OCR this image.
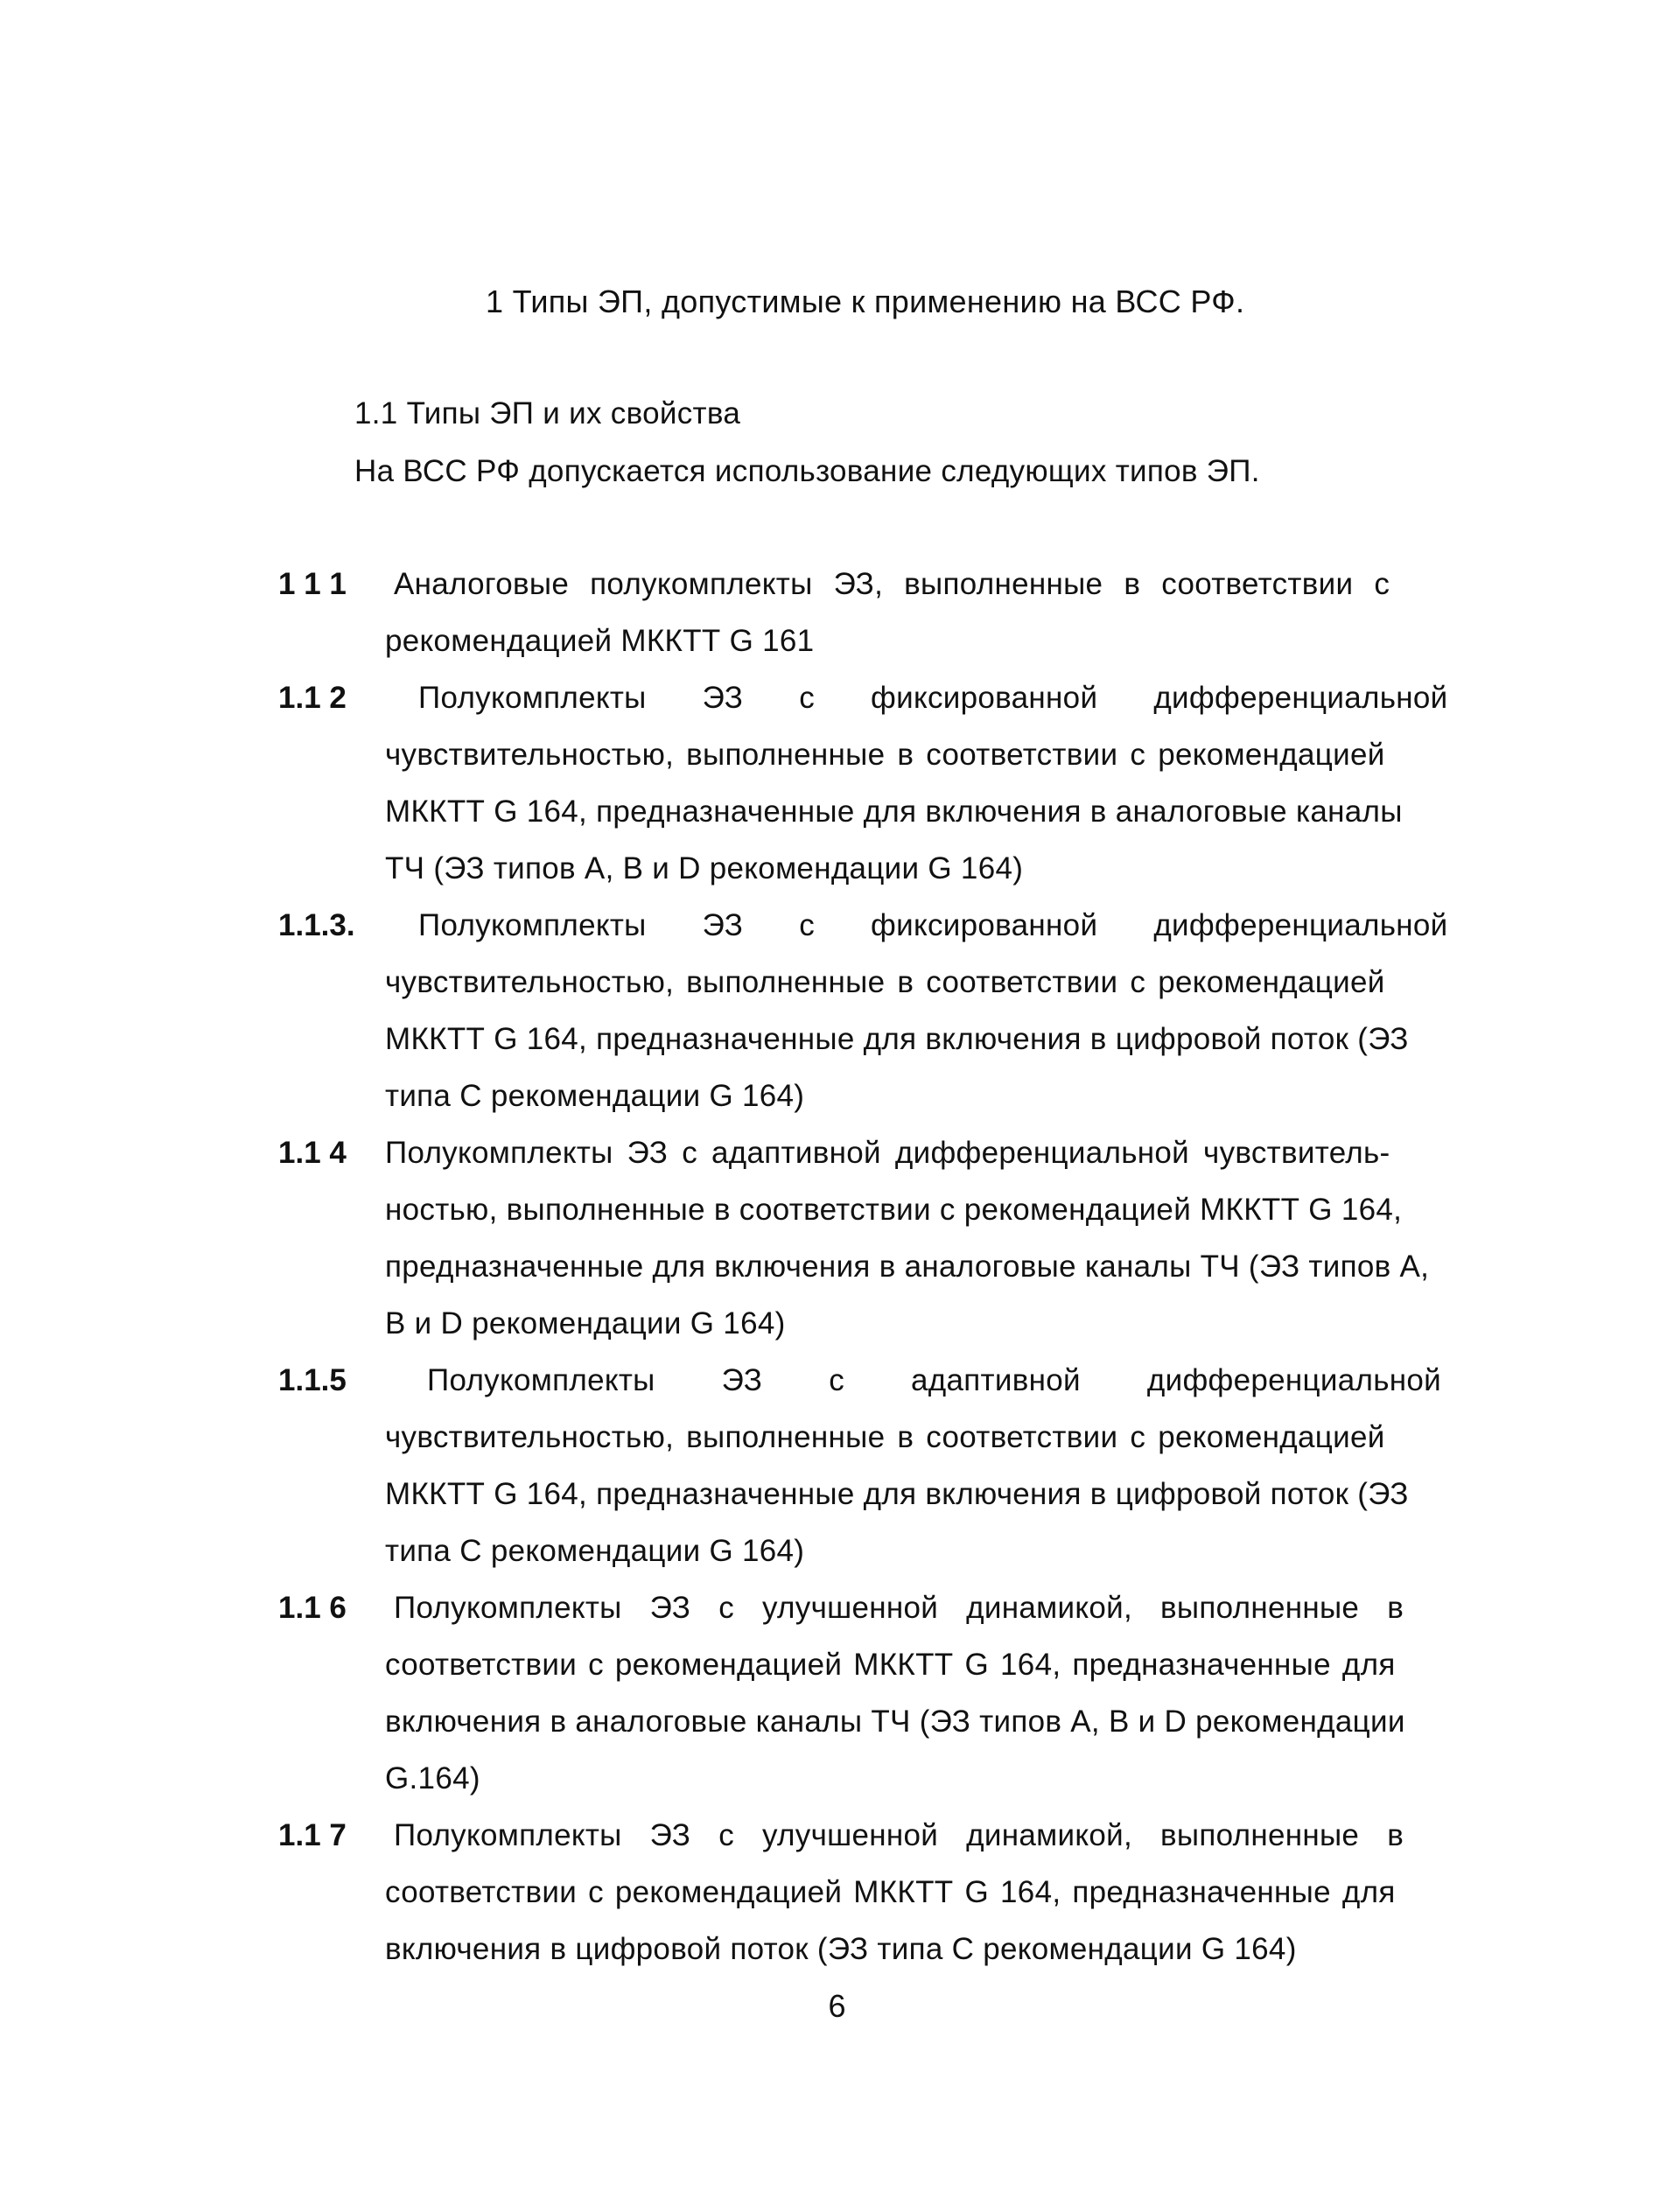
1 Типы ЭП, допустимые к применению на ВСС РФ.
1.1 Типы ЭП и их свойства
На ВСС РФ допускается использование следующих типов ЭП.
1 1 1 Аналоговые полукомплекты ЭЗ, выполненные в соответствии с
рекомендацией МККТТ G 161
1.1 2 Полукомплекты ЭЗ с фиксированной дифференциальной
чувствительностью, выполненные в соответствии с рекомендацией
МККТТ G 164, предназначенные для включения в аналоговые каналы
ТЧ (ЭЗ типов A, B и D рекомендации G 164)
1.1.3. Полукомплекты ЭЗ с фиксированной дифференциальной
чувствительностью, выполненные в соответствии с рекомендацией
МККТТ G 164, предназначенные для включения в цифровой поток (ЭЗ
типа С рекомендации G 164)
1.1 4 Полукомплекты ЭЗ с адаптивной дифференциальной чувствитель-
ностью, выполненные в соответствии с рекомендацией МККТТ G 164,
предназначенные для включения в аналоговые каналы ТЧ (ЭЗ типов A,
B и D рекомендации G 164)
1.1.5	Полукомплекты ЭЗ с адаптивной дифференциальной
чувствительностью, выполненные в соответствии с рекомендацией
МККТТ G 164, предназначенные для включения в цифровой поток (ЭЗ
типа С рекомендации G 164)
1.1 6 Полукомплекты ЭЗ с улучшенной динамикой, выполненные в
соответствии с рекомендацией МККТТ G 164, предназначенные для
включения в аналоговые каналы ТЧ (ЭЗ типов A, B и D рекомендации
G.164)
1.1 7 Полукомплекты ЭЗ с улучшенной динамикой, выполненные в
соответствии с рекомендацией МККТТ G 164, предназначенные для
включения в цифровой поток (ЭЗ типа С рекомендации G 164)
6
